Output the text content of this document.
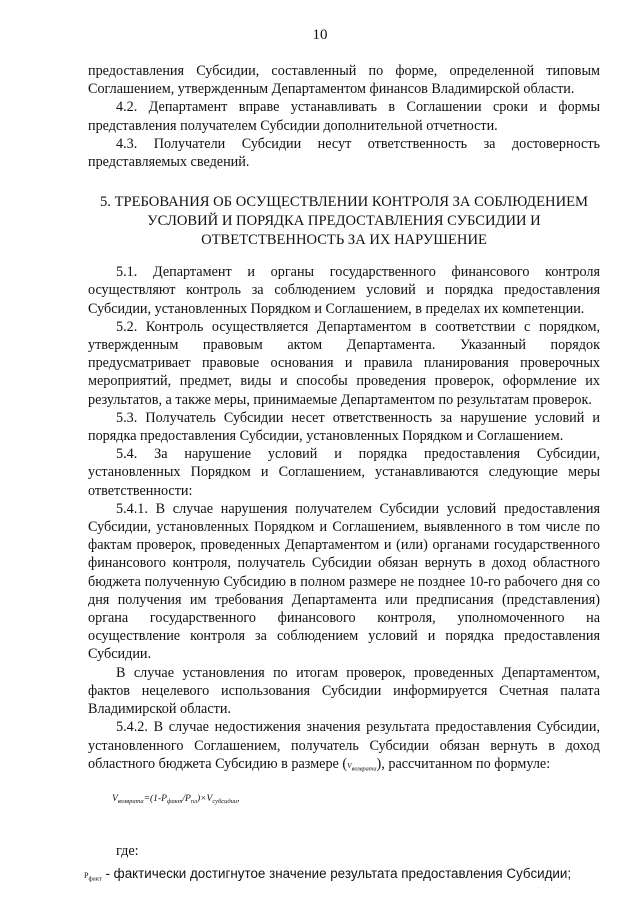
10

предоставления Субсидии, составленный по форме, определенной типовым Соглашением, утвержденным Департаментом финансов Владимирской области.

4.2. Департамент вправе устанавливать в Соглашении сроки и формы представления получателем Субсидии дополнительной отчетности.

4.3. Получатели Субсидии несут ответственность за достоверность представляемых сведений.

5. ТРЕБОВАНИЯ ОБ ОСУЩЕСТВЛЕНИИ КОНТРОЛЯ ЗА СОБЛЮДЕНИЕМ УСЛОВИЙ И ПОРЯДКА ПРЕДОСТАВЛЕНИЯ СУБСИДИИ И ОТВЕТСТВЕННОСТЬ ЗА ИХ НАРУШЕНИЕ

5.1. Департамент и органы государственного финансового контроля осуществляют контроль за соблюдением условий и порядка предоставления Субсидии, установленных Порядком и Соглашением, в пределах их компетенции.

5.2. Контроль осуществляется Департаментом в соответствии с порядком, утвержденным правовым актом Департамента. Указанный порядок предусматривает правовые основания и правила планирования проверочных мероприятий, предмет, виды и способы проведения проверок, оформление их результатов, а также меры, принимаемые Департаментом по результатам проверок.

5.3. Получатель Субсидии несет ответственность за нарушение условий и порядка предоставления Субсидии, установленных Порядком и Соглашением.

5.4. За нарушение условий и порядка предоставления Субсидии, установленных Порядком и Соглашением, устанавливаются следующие меры ответственности:

5.4.1. В случае нарушения получателем Субсидии условий предоставления Субсидии, установленных Порядком и Соглашением, выявленного в том числе по фактам проверок, проведенных Департаментом и (или) органами государственного финансового контроля, получатель Субсидии обязан вернуть в доход областного бюджета полученную Субсидию в полном размере не позднее 10-го рабочего дня со дня получения им требования Департамента или предписания (представления) органа государственного финансового контроля, уполномоченного на осуществление контроля за соблюдением условий и порядка предоставления Субсидии.

В случае установления по итогам проверок, проведенных Департаментом, фактов нецелевого использования Субсидии информируется Счетная палата Владимирской области.

5.4.2. В случае недостижения значения результата предоставления Субсидии, установленного Соглашением, получатель Субсидии обязан вернуть в доход областного бюджета Субсидию в размере $(V_{возврата})$, рассчитанном по формуле:

$V_{возврата}=(1-P_{факт}/P_{пл})\times V_{субсидии}$,

где:

$P_{факт}$ - фактически достигнутое значение результата предоставления Субсидии;

· · · · · · · ·
